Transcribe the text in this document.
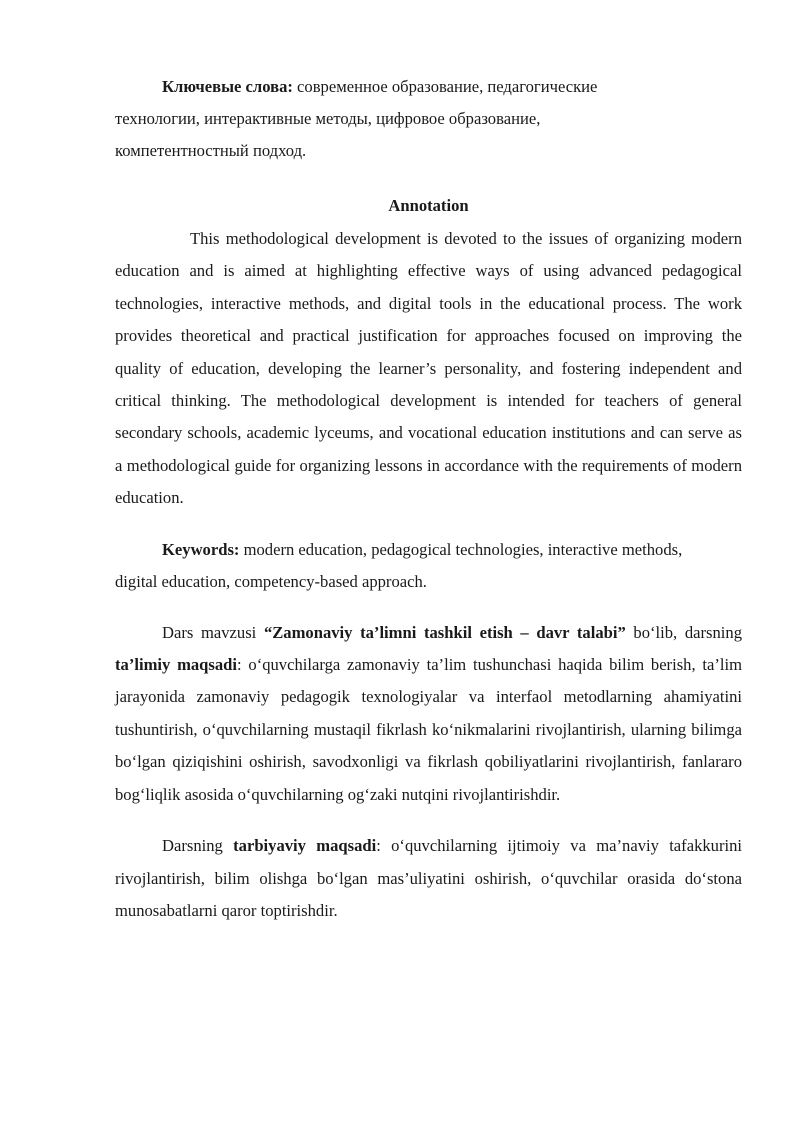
Ключевые слова: современное образование, педагогические технологии, интерактивные методы, цифровое образование, компетентностный подход.

Annotation

This methodological development is devoted to the issues of organizing modern education and is aimed at highlighting effective ways of using advanced pedagogical technologies, interactive methods, and digital tools in the educational process. The work provides theoretical and practical justification for approaches focused on improving the quality of education, developing the learner’s personality, and fostering independent and critical thinking. The methodological development is intended for teachers of general secondary schools, academic lyceums, and vocational education institutions and can serve as a methodological guide for organizing lessons in accordance with the requirements of modern education.

Keywords: modern education, pedagogical technologies, interactive methods, digital education, competency-based approach.

Dars mavzusi “Zamonaviy ta’limni tashkil etish – davr talabi” bo‘lib, darsning ta’limiy maqsadi: o‘quvchilarga zamonaviy ta’lim tushunchasi haqida bilim berish, ta’lim jarayonida zamonaviy pedagogik texnologiyalar va interfaol metodlarning ahamiyatini tushuntirish, o‘quvchilarning mustaqil fikrlash ko‘nikmalarini rivojlantirish, ularning bilimga bo‘lgan qiziqishini oshirish, savodxonligi va fikrlash qobiliyatlarini rivojlantirish, fanlararo bog‘liqlik asosida o‘quvchilarning og‘zaki nutqini rivojlantirishdir.

Darsning tarbiyaviy maqsadi: o‘quvchilarning ijtimoiy va ma’naviy tafakkurini rivojlantirish, bilim olishga bo‘lgan mas’uliyatini oshirish, o‘quvchilar orasida do‘stona munosabatlarni qaror toptirishdir.
